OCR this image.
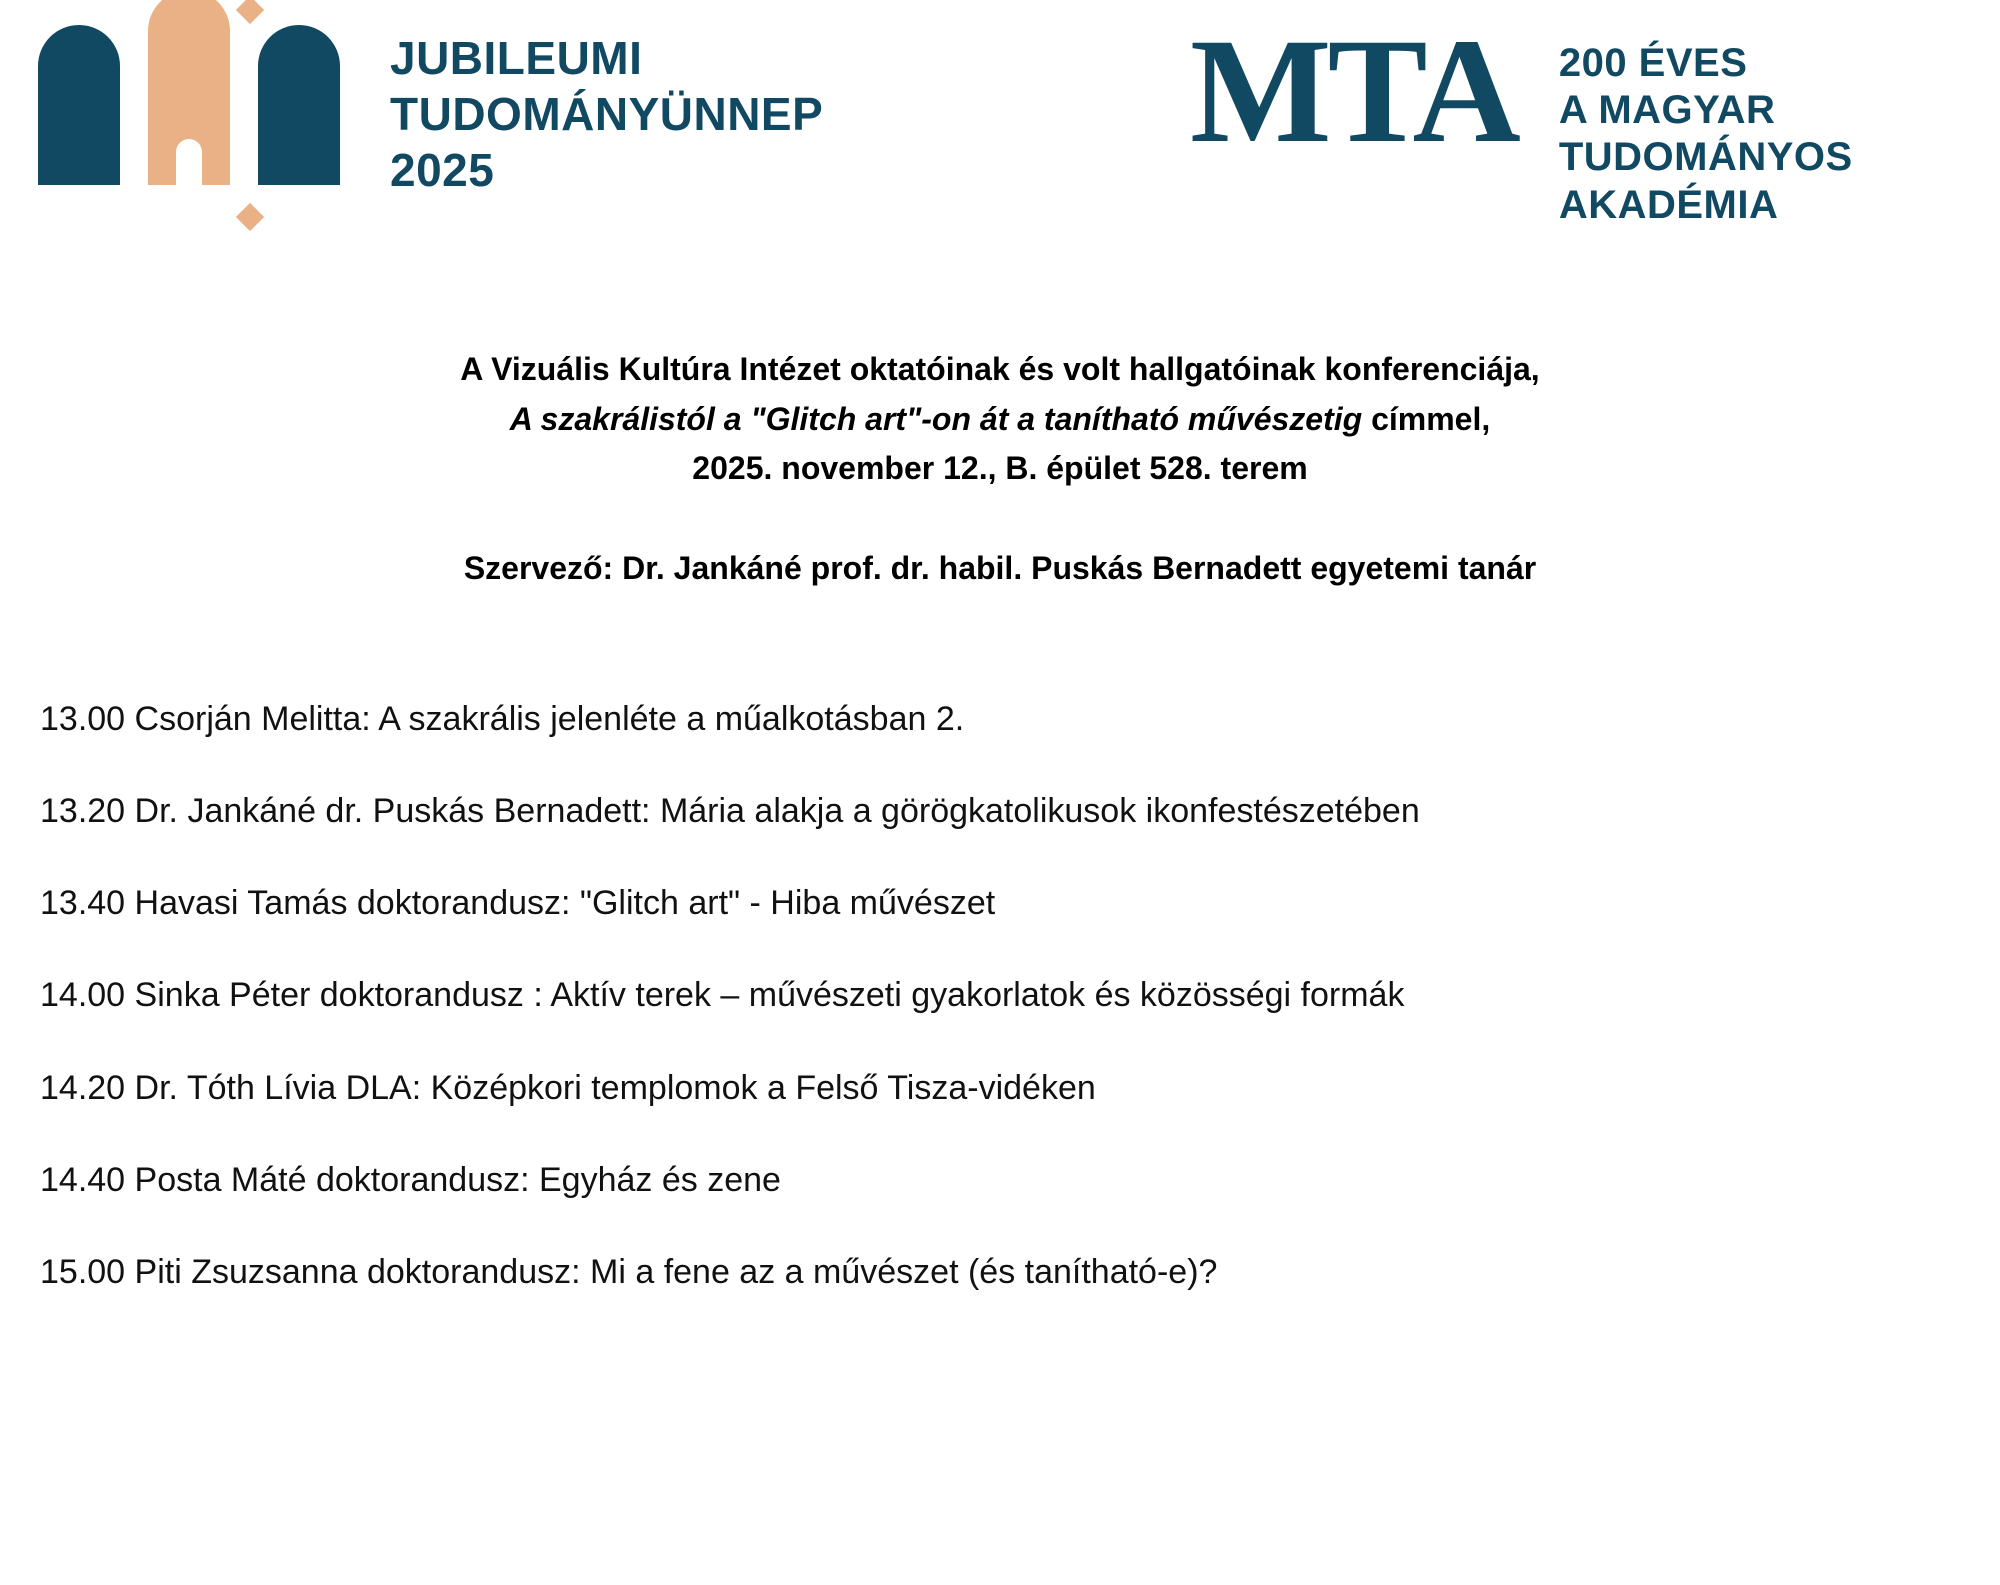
JUBILEUMI
TUDOMÁNYÜNNEP
2025	MTA 200 ÉVES
A MAGYAR
TUDOMÁNYOS
AKADÉMIA
A Vizuális Kultúra Intézet oktatóinak és volt hallgatóinak konferenciája,
A szakrálistól a "Glitch art"-on át a tanítható művészetig címmel,
2025. november 12., B. épület 528. terem
Szervező: Dr. Jankáné prof. dr. habil. Puskás Bernadett egyetemi tanár
13.00 Csorján Melitta: A szakrális jelenléte a műalkotásban 2.
13.20 Dr. Jankáné dr. Puskás Bernadett: Mária alakja a görögkatolikusok ikonfestészetében
13.40 Havasi Tamás doktorandusz: "Glitch art" - Hiba művészet
14.00 Sinka Péter doktorandusz : Aktív terek – művészeti gyakorlatok és közösségi formák
14.20 Dr. Tóth Lívia DLA: Középkori templomok a Felső Tisza-vidéken
14.40 Posta Máté doktorandusz: Egyház és zene
15.00 Piti Zsuzsanna doktorandusz: Mi a fene az a művészet (és tanítható-e)?
